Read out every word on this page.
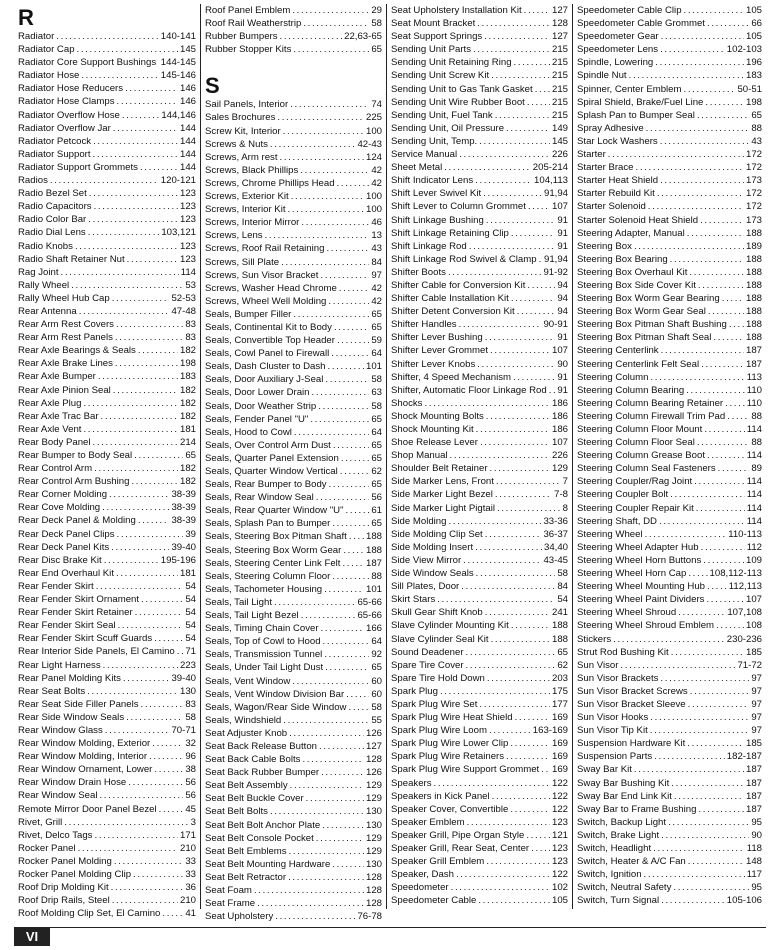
R
Radiator . . .	140-141
Radiator Cap . . .	145
Radiator Core Support Bushings . . . 144-145
Radiator Hose . . .	145-146
Radiator Hose Reducers . . .	146
Radiator Hose Clamps . . .	146
Radiator Overflow Hose . . .	144,146
Radiator Overflow Jar . . .	144
Radiator Petcock . . .	144
Radiator Support . . .	144
Radiator Support Grommets . . .	144
Radios . . .	120-121
Radio Bezel Set . . .	123
Radio Capacitors . . .	123
Radio Color Bar . . .	123
Radio Dial Lens . . .	103,121
Radio Knobs . . .	123
Radio Shaft Retainer Nut . . .	123
Rag Joint . . .	114
Rally Wheel . . .	53
Rally Wheel Hub Cap . . .	52-53
Rear Antenna . . .	47-48
Rear Arm Rest Covers . . .	83
Rear Arm Rest Panels . . .	83
Rear Axle Bearings & Seals . . .	182
Rear Axle Brake Lines . . .	198
Rear Axle Bumper . . .	183
Rear Axle Pinion Seal . . .	182
Rear Axle Plug . . .	182
Rear Axle Trac Bar . . .	182
Rear Axle Vent . . .	181
Rear Body Panel . . .	214
Rear Bumper to Body Seal . . .	65
Rear Control Arm . . .	182
Rear Control Arm Bushing . . .	182
Rear Corner Molding . . .	38-39
Rear Cove Molding . . .	38-39
Rear Deck Panel & Molding . . .	38-39
Rear Deck Panel Clips . . .	39
Rear Deck Panel Kits . . .	39-40
Rear Disc Brake Kit . . .	195-196
Rear End Overhaul Kit . . .	181
Rear Fender Skirt . . .	54
Rear Fender Skirt Ornament . . .	54
Rear Fender Skirt Retainer . . .	54
Rear Fender Skirt Seal . . .	54
Rear Fender Skirt Scuff Guards . . .	54
Rear Interior Side Panels, El Camino . . . 71
Rear Light Harness . . .	223
Rear Panel Molding Kits . . .	39-40
Rear Seat Bolts . . .	130
Rear Seat Side Filler Panels . . .	83
Rear Side Window Seals . . .	58
Rear Window Glass . . .	70-71
Rear Window Molding, Exterior . . .	32
Rear Window Molding, Interior . . .	96
Rear Window Ornament, Lower . . .	38
Rear Window Drain Hose . . .	56
Rear Window Seal . . .	56
Remote Mirror Door Panel Bezel . . .	45
Rivet, Grill . . .	3
Rivet, Delco Tags . . .	171
Rocker Panel . . .	210
Rocker Panel Molding . . .	33
Rocker Panel Molding Clip . . .	33
Roof Drip Molding Kit . . .	36
Roof Drip Rails, Steel . . .	210
Roof Molding Clip Set, El Camino . . .	41
Roof Panel Emblem . . .	29
Roof Rail Weatherstrip . . .	58
Rubber Bumpers . . .	22,63-65
Rubber Stopper Kits . . .	65
S
Sail Panels, Interior . . .	74
Sales Brochures . . .	225
Screw Kit, Interior . . .	100
Screws & Nuts . . .	42-43
Screws, Arm rest . . .	124
Screws, Black Phillips . . .	42
Screws, Chrome Phillips Head . . .	42
Screws, Exterior Kit . . .	100
Screws, Interior Kit . . .	100
Screws, Interior Mirror . . .	46
Screws, Lens . . .	13
Screws, Roof Rail Retaining . . .	43
Screws, Sill Plate . . .	84
Screws, Sun Visor Bracket . . .	97
Screws, Washer Head Chrome . . .	42
Screws, Wheel Well Molding . . .	42
Seals, Bumper Filler . . .	65
Seals, Continental Kit to Body . . .	65
Seals, Convertible Top Header . . .	59
Seals, Cowl Panel to Firewall . . .	64
Seals, Dash Cluster to Dash . . .	101
Seals, Door Auxiliary J-Seal . . .	58
Seals, Door Lower Drain . . .	63
Seals, Door Weather Strip . . .	58
Seals, Fender Panel "U" . . .	65
Seals, Hood to Cowl . . .	64
Seals, Over Control Arm Dust . . .	65
Seals, Quarter Panel Extension . . .	65
Seals, Quarter Window Vertical . . .	62
Seals, Rear Bumper to Body . . .	65
Seals, Rear Window Seal . . .	56
Seals, Rear Quarter Window "U" . . .	61
Seals, Splash Pan to Bumper . . .	65
Seals, Steering Box Pitman Shaft . . . 188
Seals, Steering Box Worm Gear . . .	188
Seals, Steering Center Link Felt . . .	187
Seals, Steering Column Floor . . .	88
Seals, Tachometer Housing . . .	101
Seals, Tail Light . . .	65-66
Seals, Tail Light Bezel . . .	65-66
Seals, Timing Chain Cover . . .	166
Seals, Top of Cowl to Hood . . .	64
Seals, Transmission Tunnel . . .	92
Seals, Under Tail Light Dust . . .	65
Seals, Vent Window . . .	60
Seals, Vent Window Division Bar . . .	60
Seals, Wagon/Rear Side Window . . .	58
Seals, Windshield . . .	55
Seat Adjuster Knob . . .	126
Seat Back Release Button . . .	127
Seat Back Cable Bolts . . .	128
Seat Back Rubber Bumper . . .	126
Seat Belt Assembly . . .	129
Seat Belt Buckle Cover . . .	129
Seat Belt Bolts . . .	130
Seat Belt Bolt Anchor Plate . . .	130
Seat Belt Console Pocket . . .	129
Seat Belt Emblems . . .	129
Seat Belt Mounting Hardware . . .	130
Seat Belt Retractor . . .	128
Seat Foam . . .	128
Seat Frame . . .	128
Seat Upholstery . . .	76-78
Seat Upholstery Installation Kit . . .	127
Seat Mount Bracket . . .	128
Seat Support Springs . . .	127
Sending Unit Parts . . .	215
Sending Unit Retaining Ring . . .	215
Sending Unit Screw Kit . . .	215
Sending Unit to Gas Tank Gasket . . . 215
Sending Unit Wire Rubber Boot . . .	215
Sending Unit, Fuel Tank . . .	215
Sending Unit, Oil Pressure . . .	149
Sending Unit, Temp. . . .	145
Service Manual . . .	226
Sheet Metal . . .	205-214
Shift Indicator Lens . . .	104,113
Shift Lever Swivel Kit . . .	91,94
Shift Lever to Column Grommet . . .	107
Shift Linkage Bushing . . .	91
Shift Linkage Retaining Clip . . .	91
Shift Linkage Rod . . .	91
Shift Linkage Rod Swivel & Clamp . . . 91,94
Shifter Boots . . .	91-92
Shifter Cable for Conversion Kit . . .	94
Shifter Cable Installation Kit . . .	94
Shifter Detent Conversion Kit . . .	94
Shifter Handles . . .	90-91
Shifter Lever Bushing . . .	91
Shifter Lever Grommet . . .	107
Shifter Lever Knobs . . .	90
Shifter, 4 Speed Mechanism . . .	91
Shifter, Automatic Floor Linkage Rod . . . 91
Shocks . . .	186
Shock Mounting Bolts . . .	186
Shock Mounting Kit . . .	186
Shoe Release Lever . . .	107
Shop Manual . . .	226
Shoulder Belt Retainer . . .	129
Side Marker Lens, Front . . .	7
Side Marker Light Bezel . . .	7-8
Side Marker Light Pigtail . . .	8
Side Molding . . .	33-36
Side Molding Clip Set . . .	36-37
Side Molding Insert . . .	34,40
Side View Mirror . . .	43-45
Side Window Seals . . .	58
Sill Plates, Door . . .	84
Skirt Stars . . .	54
Skull Gear Shift Knob . . .	241
Slave Cylinder Mounting Kit . . .	188
Slave Cylinder Seal Kit . . .	188
Sound Deadener . . .	65
Spare Tire Cover . . .	62
Spare Tire Hold Down . . .	203
Spark Plug . . .	175
Spark Plug Wire Set . . .	177
Spark Plug Wire Heat Shield . . .	169
Spark Plug Wire Loom . . .	163-169
Spark Plug Wire Lower Clip . . .	169
Spark Plug Wire Retainers . . .	169
Spark Plug Wire Support Grommet . . . 169
Speakers . . .	122
Speakers in Kick Panel . . .	122
Speaker Cover, Convertible . . .	122
Speaker Emblem . . .	123
Speaker Grill, Pipe Organ Style . . .	121
Speaker Grill, Rear Seat, Center . . . 123
Speaker Grill Emblem . . .	123
Speaker, Dash . . .	122
Speedometer . . .	102
Speedometer Cable . . .	105
Speedometer Cable Clip . . .	105
Speedometer Cable Grommet . . .	66
Speedometer Gear . . .	105
Speedometer Lens . . .	102-103
Spindle, Lowering . . .	196
Spindle Nut . . .	183
Spinner, Center Emblem . . .	50-51
Spiral Shield, Brake/Fuel Line . . .	198
Splash Pan to Bumper Seal . . .	65
Spray Adhesive . . .	88
Star Lock Washers . . .	43
Starter . . .	172
Starter Brace . . .	172
Starter Heat Shield . . .	173
Starter Rebuild Kit . . .	172
Starter Solenoid . . .	172
Starter Solenoid Heat Shield . . .	173
Steering Adapter, Manual . . .	188
Steering Box . . .	189
Steering Box Bearing . . .	188
Steering Box Overhaul Kit . . .	188
Steering Box Side Cover Kit . . .	188
Steering Box Worm Gear Bearing . . .	188
Steering Box Worm Gear Seal . . .	188
Steering Box Pitman Shaft Bushing . . . 188
Steering Box Pitman Shaft Seal . . .	188
Steering Centerlink . . .	187
Steering Centerlink Felt Seal . . .	187
Steering Column . . .	113
Steering Column Bearing . . .	110
Steering Column Bearing Retainer . . . 110
Steering Column Firewall Trim Pad . . .	88
Steering Column Floor Mount . . .	114
Steering Column Floor Seal . . .	88
Steering Column Grease Boot . . .	114
Steering Column Seal Fasteners . . .	89
Steering Coupler/Rag Joint . . .	114
Steering Coupler Bolt . . .	114
Steering Coupler Repair Kit . . .	114
Steering Shaft, DD . . .	114
Steering Wheel . . .	110-113
Steering Wheel Adapter Hub . . .	112
Steering Wheel Horn Buttons . . .	109
Steering Wheel Horn Cap . . . 108,112-113
Steering Wheel Mounting Hub . . . 112,113
Steering Wheel Paint Dividers . . .	107
Steering Wheel Shroud . . .	107,108
Steering Wheel Shroud Emblem . . .	108
Stickers . . .	230-236
Strut Rod Bushing Kit . . .	185
Sun Visor . . .	71-72
Sun Visor Brackets . . .	97
Sun Visor Bracket Screws . . .	97
Sun Visor Bracket Sleeve . . .	97
Sun Visor Hooks . . .	97
Sun Visor Tip Kit . . .	97
Suspension Hardware Kit . . .	185
Suspension Parts . . .	182-187
Sway Bar Kit . . .	187
Sway Bar Bushing Kit . . .	187
Sway Bar End Link Kit . . .	187
Sway Bar to Frame Bushing . . .	187
Switch, Backup Light . . .	95
Switch, Brake Light . . .	90
Switch, Headlight . . .	118
Switch, Heater & A/C Fan . . .	148
Switch, Ignition . . .	117
Switch, Neutral Safety . . .	95
Switch, Turn Signal . . .	105-106
VI
